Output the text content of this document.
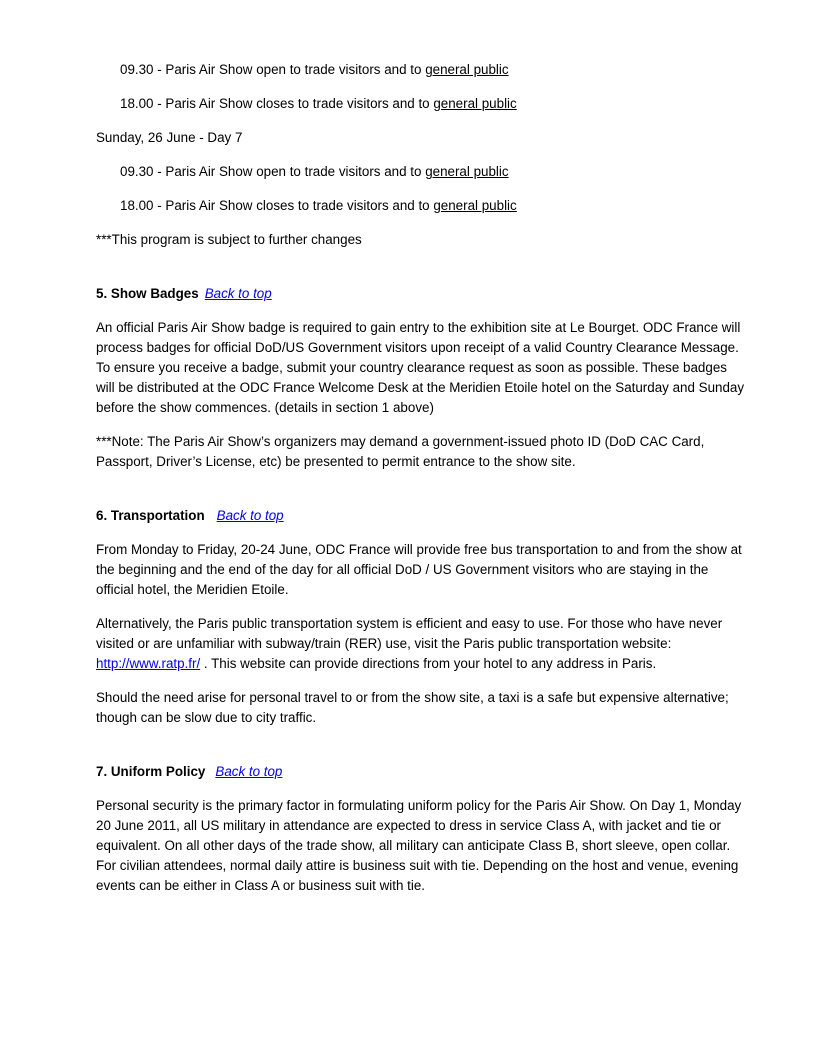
09.30 - Paris Air Show open to trade visitors and to general public

18.00 - Paris Air Show closes to trade visitors and to general public

Sunday, 26 June - Day 7

09.30 - Paris Air Show open to trade visitors and to general public

18.00 - Paris Air Show closes to trade visitors and to general public

***This program is subject to further changes

5. Show Badges Back to top

An official Paris Air Show badge is required to gain entry to the exhibition site at Le Bourget. ODC France will process badges for official DoD/US Government visitors upon receipt of a valid Country Clearance Message. To ensure you receive a badge, submit your country clearance request as soon as possible. These badges will be distributed at the ODC France Welcome Desk at the Meridien Etoile hotel on the Saturday and Sunday before the show commences. (details in section 1 above)

***Note: The Paris Air Show’s organizers may demand a government-issued photo ID (DoD CAC Card, Passport, Driver’s License, etc) be presented to permit entrance to the show site.

6. Transportation Back to top

From Monday to Friday, 20-24 June, ODC France will provide free bus transportation to and from the show at the beginning and the end of the day for all official DoD / US Government visitors who are staying in the official hotel, the Meridien Etoile.

Alternatively, the Paris public transportation system is efficient and easy to use. For those who have never visited or are unfamiliar with subway/train (RER) use, visit the Paris public transportation website: http://www.ratp.fr/ . This website can provide directions from your hotel to any address in Paris.

Should the need arise for personal travel to or from the show site, a taxi is a safe but expensive alternative; though can be slow due to city traffic.

7. Uniform Policy Back to top

Personal security is the primary factor in formulating uniform policy for the Paris Air Show. On Day 1, Monday 20 June 2011, all US military in attendance are expected to dress in service Class A, with jacket and tie or equivalent. On all other days of the trade show, all military can anticipate Class B, short sleeve, open collar. For civilian attendees, normal daily attire is business suit with tie. Depending on the host and venue, evening events can be either in Class A or business suit with tie.
